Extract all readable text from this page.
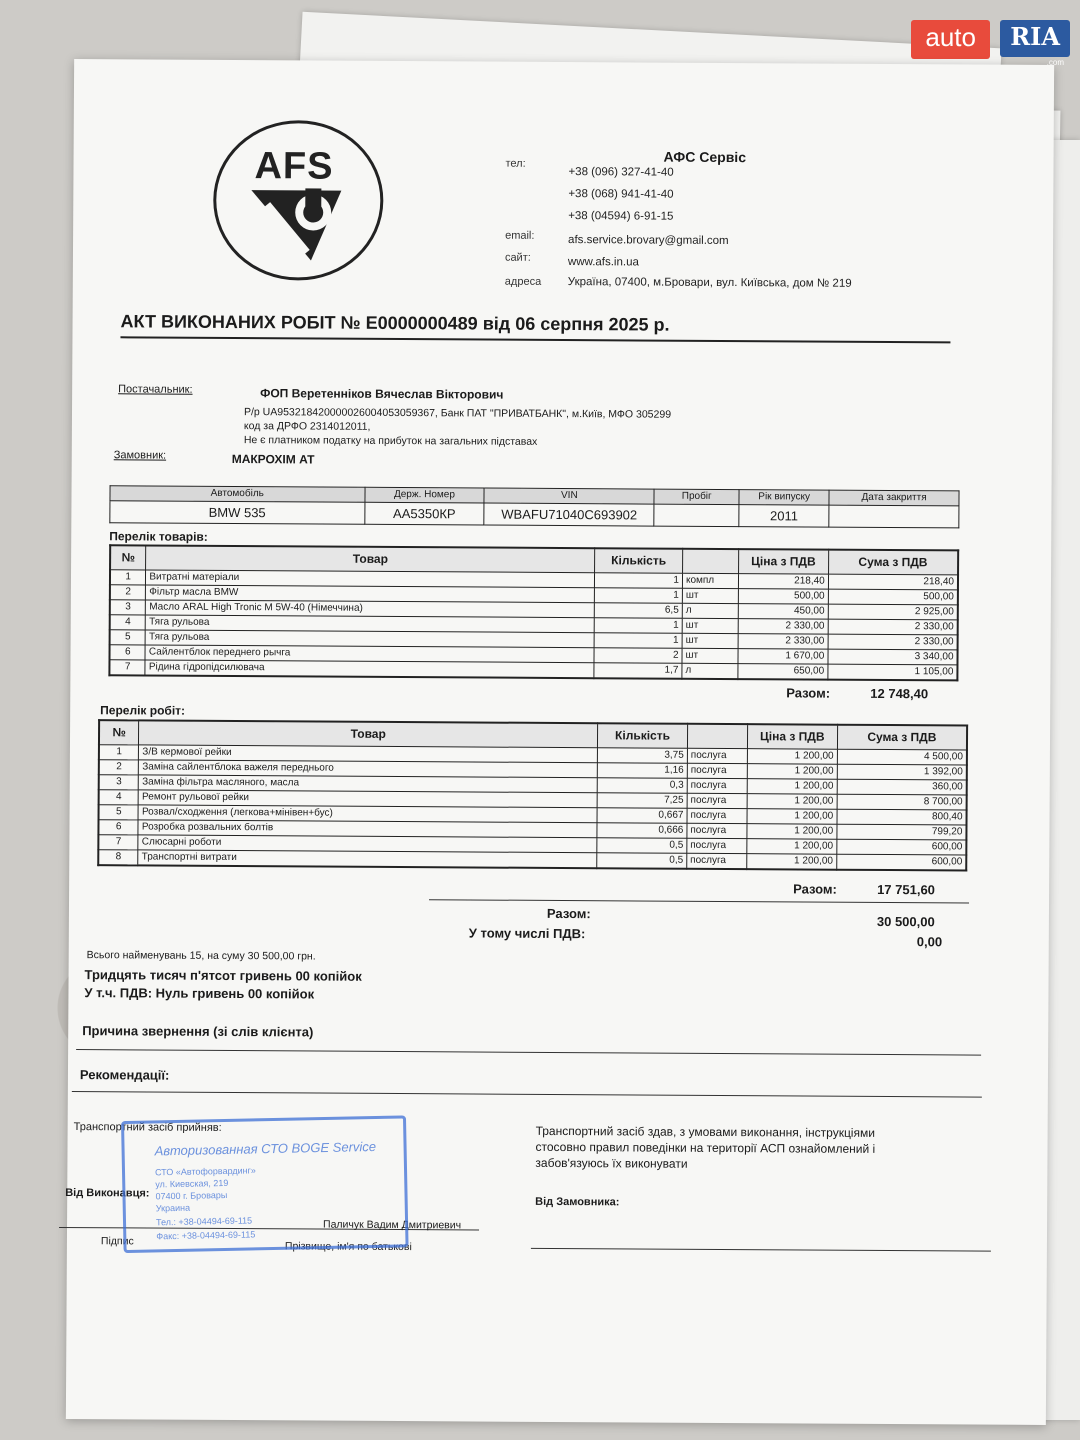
auto	RIA
.com
AFS	АФС Сервіс
тел:
+38 (096) 327-41-40
+38 (068) 941-41-40
+38 (04594) 6-91-15
email:	afs.service.brovary@gmail.com
сайт:	www.afs.in.ua
адреса Україна, 07400, м.Бровари, вул. Київська, дом № 219
АКТ ВИКОНАНИХ РОБІТ № Е0000000489 від 06 серпня 2025 р.
Постачальник:	ФОП Веретенніков Вячеслав Вікторович
Р/р UA953218420000026004053059367, Банк ПАТ "ПРИВАТБАНК", м.Київ, МФО 305299
код за ДРФО 2314012011,
Не є платником податку на прибуток на загальних підставах
Замовник:	МАКРОХІМ АТ
Автомобіль	Держ. Номер	VIN	Пробіг	Рік випуску	Дата закриття
BMW 535	АА5350КР	WBAFU71040C693902		2011	
Перелік товарів:
№	Товар	Кількість		Ціна з ПДВ	Сума з ПДВ
1	Витратні матеріали	1	компл	218,40	218,40
2	Фільтр масла BMW	1	шт	500,00	500,00
3	Масло ARAL High Tronic M 5W-40 (Німеччина)	6,5	л	450,00	2 925,00
4	Тяга рульова	1	шт	2 330,00	2 330,00
5	Тяга рульова	1	шт	2 330,00	2 330,00
6	Сайлентблок переднего рычга	2	шт	1 670,00	3 340,00
7	Рідина гідропідсилювача	1,7	л	650,00	1 105,00
Разом:	12 748,40
Перелік робіт:
№	Товар	Кількість		Ціна з ПДВ	Сума з ПДВ
1	З/В кермової рейки	3,75	послуга	1 200,00	4 500,00
2	Заміна сайлентблока важеля переднього	1,16	послуга	1 200,00	1 392,00
3	Заміна фільтра масляного, масла	0,3	послуга	1 200,00	360,00
4	Ремонт рульової рейки	7,25	послуга	1 200,00	8 700,00
5	Розвал/сходження (легкова+мінівен+бус)	0,667	послуга	1 200,00	800,40
6	Розробка розвальних болтів	0,666	послуга	1 200,00	799,20
7	Слюсарні роботи	0,5	послуга	1 200,00	600,00
8	Транспортні витрати	0,5	послуга	1 200,00	600,00
Разом:	17 751,60
Разом:
30 500,00
У тому числі ПДВ:
0,00
Всього найменувань 15, на суму 30 500,00 грн.
Тридцять тисяч п'ятсот гривень 00 копійок
У т.ч. ПДВ: Нуль гривень 00 копійок
Причина звернення (зі слів клієнта)
Рекомендації:
Транспортний засіб прийняв:
Від Виконавця:
Паличук Вадим Дмитриевич
Підпис	Прізвище, ім'я по батькові
Транспортний засіб здав, з умовами виконання, інструкціями
стосовно правил поведінки на території АСП ознайомлений і
забов'язуюсь їх виконувати
Від Замовника:
Авторизованная СТО BOGE Service
СТО «Автофорвардинг»
ул. Киевская, 219
07400 г. Бровары
Украина
Тел.: +38-04494-69-115
Факс: +38-04494-69-115
